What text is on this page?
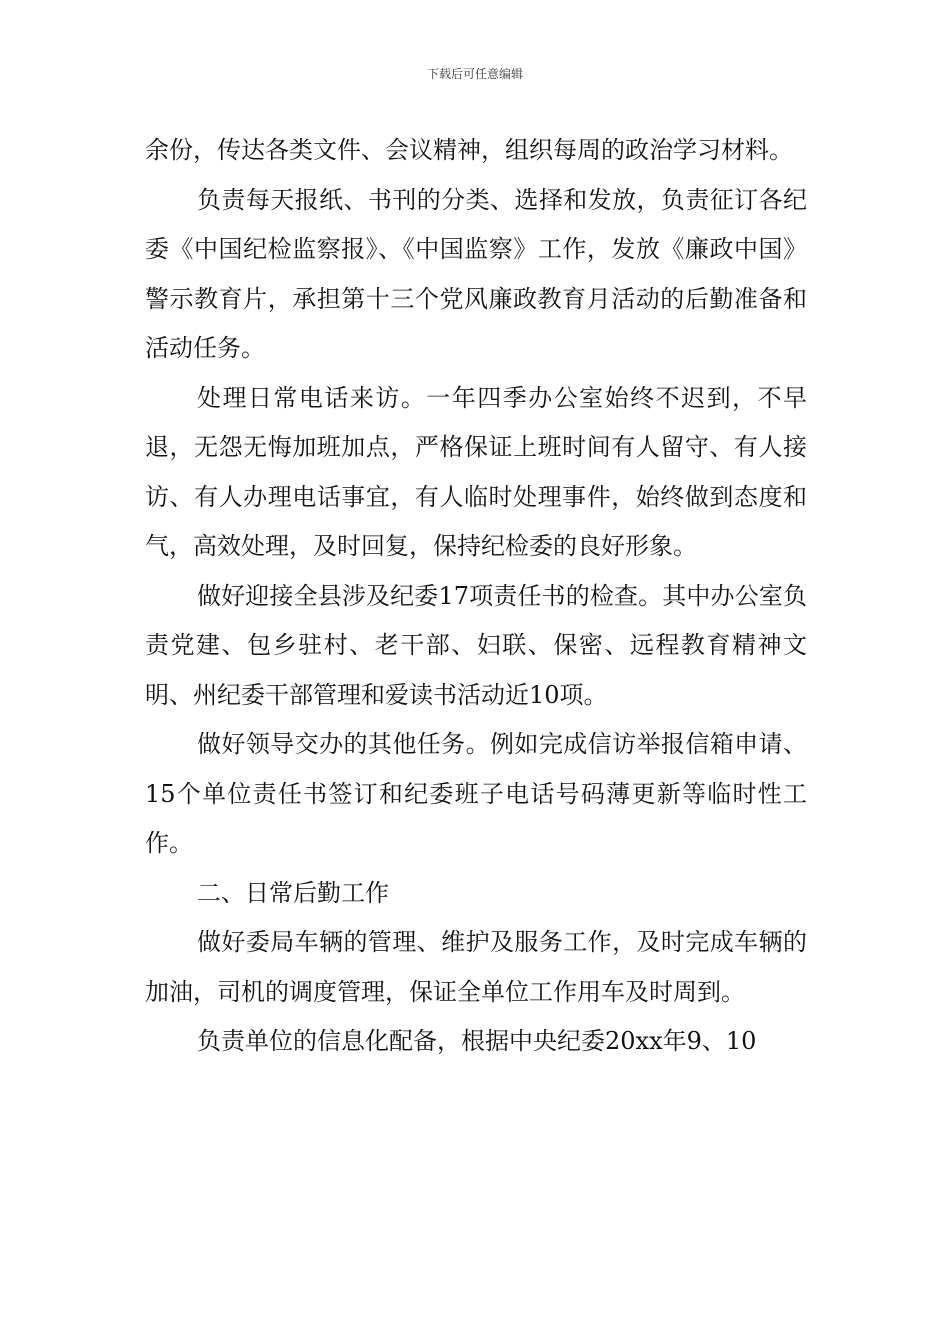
下载后可任意编辑

余份，传达各类文件、会议精神，组织每周的政治学习材料。

负责每天报纸、书刊的分类、选择和发放，负责征订各纪委《中国纪检监察报》、《中国监察》工作，发放《廉政中国》警示教育片，承担第十三个党风廉政教育月活动的后勤准备和活动任务。

处理日常电话来访。一年四季办公室始终不迟到，不早退，无怨无悔加班加点，严格保证上班时间有人留守、有人接访、有人办理电话事宜，有人临时处理事件，始终做到态度和气，高效处理，及时回复，保持纪检委的良好形象。

做好迎接全县涉及纪委17项责任书的检查。其中办公室负责党建、包乡驻村、老干部、妇联、保密、远程教育精神文明、州纪委干部管理和爱读书活动近10项。

做好领导交办的其他任务。例如完成信访举报信箱申请、15个单位责任书签订和纪委班子电话号码薄更新等临时性工作。

二、日常后勤工作

做好委局车辆的管理、维护及服务工作，及时完成车辆的加油，司机的调度管理，保证全单位工作用车及时周到。

负责单位的信息化配备，根据中央纪委20xx年9、10
